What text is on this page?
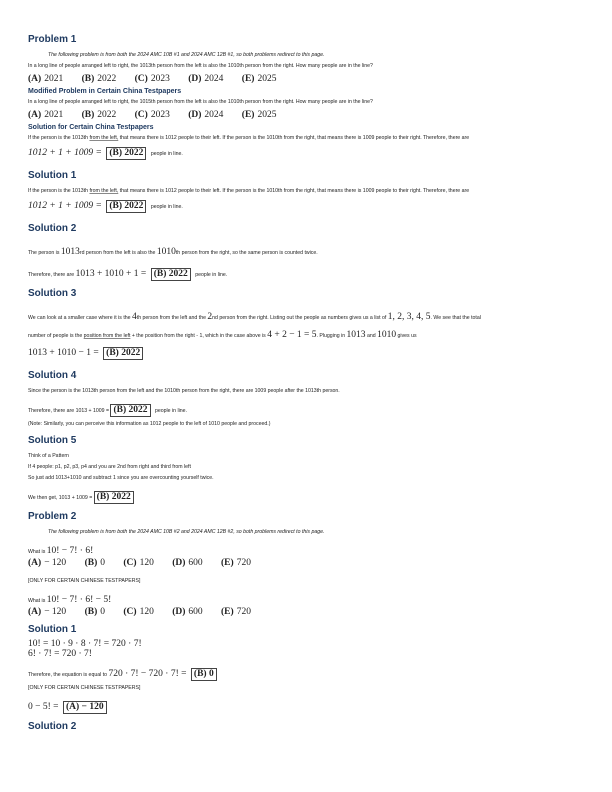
Problem 1

The following problem is from both the 2024 AMC 10B #1 and 2024 AMC 12B #1, so both problems redirect to this page.

In a long line of people arranged left to right, the 1013th person from the left is also the 1010th person from the right. How many people are in the line?

(A) 2021 (B) 2022 (C) 2023 (D) 2024 (E) 2025
Modified Problem in Certain China Testpapers

In a long line of people arranged left to right, the 1015th person from the left is also the 1010th person from the right. How many people are in the line?

(A) 2021 (B) 2022 (C) 2023 (D) 2024 (E) 2025
Solution for Certain China Testpapers

If the person is the 1013th from the left, that means there is 1012 people to their left. If the person is the 1010th from the right, that means there is 1009 people to their right. Therefore, there are

1012 + 1 + 1009 = (B) 2022 people in line.
Solution 1

If the person is the 1013th from the left, that means there is 1012 people to their left. If the person is the 1010th from the right, that means there is 1009 people to their right. Therefore, there are

1012 + 1 + 1009 = (B) 2022 people in line.
Solution 2
The person is 1013rd person from the left is also the 1010th person from the right, so the same person is counted twice.
Therefore, there are 1013 + 1010 + 1 = (B) 2022 people in line.
Solution 3
We can look at a smaller case where it is the 4th person from the left and the 2nd person from the right. Listing out the people as numbers gives us a list of 1, 2, 3, 4, 5. We see that the total
number of people is the position from the left + the position from the right - 1, which in the case above is 4 + 2 − 1 = 5. Plugging in 1013 and 1010 gives us
1013 + 1010 − 1 = (B) 2022
Solution 4

Since the person is the 1013th person from the left and the 1010th person from the right, there are 1009 people after the 1013th person.

Therefore, there are 1013 + 1009 = (B) 2022 people in line.

(Note: Similarly, you can perceive this information as 1012 people to the left of 1010 people and proceed.)

Solution 5

Think of a Pattern

If 4 people: p1, p2, p3, p4 and you are 2nd from right and third from left

So just add 1013+1010 and subtract 1 since you are overcounting yourself twice.

We then get, 1013 + 1009 = (B) 2022
Problem 2

The following problem is from both the 2024 AMC 10B #2 and 2024 AMC 12B #2, so both problems redirect to this page.

What is 10! − 7! · 6!
(A) − 120 (B) 0 (C) 120 (D) 600 (E) 720

[ONLY FOR CERTAIN CHINESE TESTPAPERS]

What is 10! − 7! · 6! − 5!
(A) − 120 (B) 0 (C) 120 (D) 600 (E) 720
Solution 1
10! = 10 · 9 · 8 · 7! = 720 · 7!
6! · 7! = 720 · 7!
Therefore, the equation is equal to 720 · 7! − 720 · 7! = (B) 0

[ONLY FOR CERTAIN CHINESE TESTPAPERS]

0 − 5! = (A) − 120
Solution 2
